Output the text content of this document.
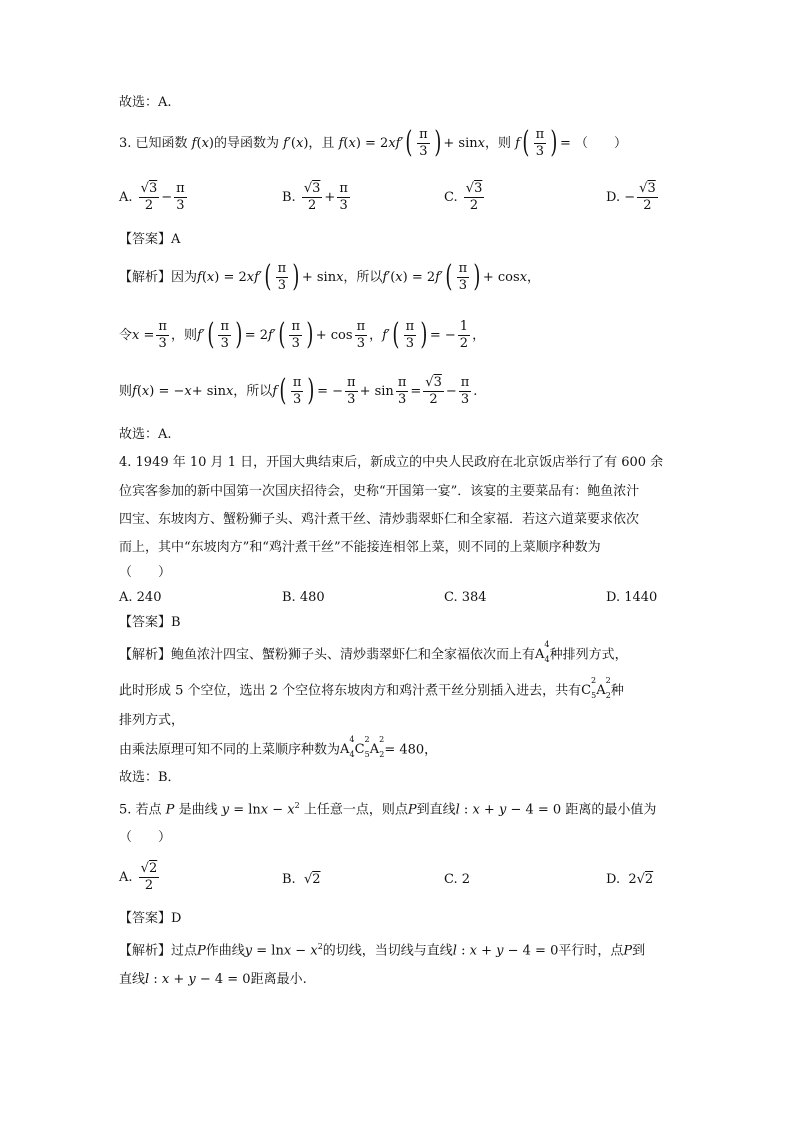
故选：A.
3. 已知函数 f ( x ) 的导函数为 f′ ( x ) ，且 f ( x ) = 2 xf′ ( $\frac{\pi}{3}$ ) + sin x ，则 f ( $\frac{\pi}{3}$ ) = （　　）
A.
$\frac{√3}{2} - \frac{\pi}{3}$	B.
$\frac{√3}{2} + \frac{\pi}{3}$	C.
$\frac{√3}{2}$	D.
− $\frac{√3}{2}$
【答案】A
【解析】因为 f ( x ) = 2 xf′ ( $\frac{\pi}{3}$ ) + sin x ，所以 f′ ( x ) = 2 f′ ( $\frac{\pi}{3}$ ) + cos x ，
令 $x = \frac{\pi}{3}$ ，则 f′ ( $\frac{\pi}{3}$ ) = 2 f′ ( $\frac{\pi}{3}$ ) + $\cos \frac{\pi}{3}$ ， f′ ( $\frac{\pi}{3}$ ) = − $\frac{1}{2}$ ，
则 f ( x ) = − x + sin x ，所以 f ( $\frac{\pi}{3}$ ) = − $\frac{\pi}{3} + \sin \frac{\pi}{3} = \frac{√3}{2} - \frac{\pi}{3}$ .
故选：A.
4. 1949 年 10 月 1 日，开国大典结束后，新成立的中央人民政府在北京饭店举行了有 600 余
位宾客参加的新中国第一次国庆招待会，史称“开国第一宴”．该宴的主要菜品有：鲍鱼浓汁
四宝、东坡肉方、蟹粉狮子头、鸡汁煮干丝、清炒翡翠虾仁和全家福．若这六道菜要求依次
而上，其中“东坡肉方”和“鸡汁煮干丝”不能接连相邻上菜，则不同的上菜顺序种数为
（　　）
A. 240	B. 480	C. 384	D. 1440
【答案】B
【解析】鲍鱼浓汁四宝、蟹粉狮子头、清炒翡翠虾仁和全家福依次而上有$A^4_4$种排列方式，
此时形成 5 个空位，选出 2 个空位将东坡肉方和鸡汁煮干丝分别插入进去，共有$C^2_5A^2_2$种
排列方式，
由乘法原理可知不同的上菜顺序种数为$A^4_4C^2_5A^2_2= 480$，
故选：B．
5. 若点 P 是曲线 $y = \ln x - x^2$ 上任意一点，则点P到直线l : x + y − 4 = 0 距离的最小值为
（　　）
A.
$\frac{√2}{2}$	B. √2	C. 2	D. 2√2
【答案】D
【解析】过点P作曲线$y = \ln x - x^2$的切线，当切线与直线l : x + y − 4 = 0平行时，点P到
直线l : x + y − 4 = 0距离最小.
